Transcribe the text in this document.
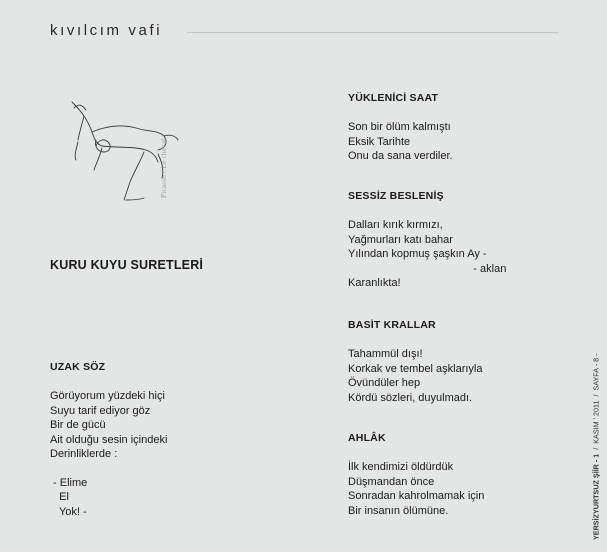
kıvılcım vafi
Picasso / Le cheval
KURU KUYU SURETLERİ
UZAK SÖZ
Görüyorum yüzdeki hiçi
Suyu tarif ediyor göz
Bir de gücü
Ait olduğu sesin içindeki
Derinliklerde :
- Elime
El
Yok! -
YÜKLENİCİ SAAT
Son bir ölüm kalmıştı
Eksik Tarihte
Onu da sana verdiler.
SESSİZ BESLENİŞ
Dalları kırık kırmızı,
Yağmurları katı bahar
Yılından kopmuş şaşkın Ay -
- aklan
Karanlıkta!
BASİT KRALLAR
Tahammül dışı!
Korkak ve tembel aşklarıyla
Övündüler hep
Kördü sözleri, duyulmadı.
AHLÂK
İlk kendimizi öldürdük
Düşmandan önce
Sonradan kahrolmamak için
Bir insanın ölümüne.	YERSİZYURTSUZ ŞİİR - 1  /  KASIM ' 2011  /  SAYFA - 8 -
